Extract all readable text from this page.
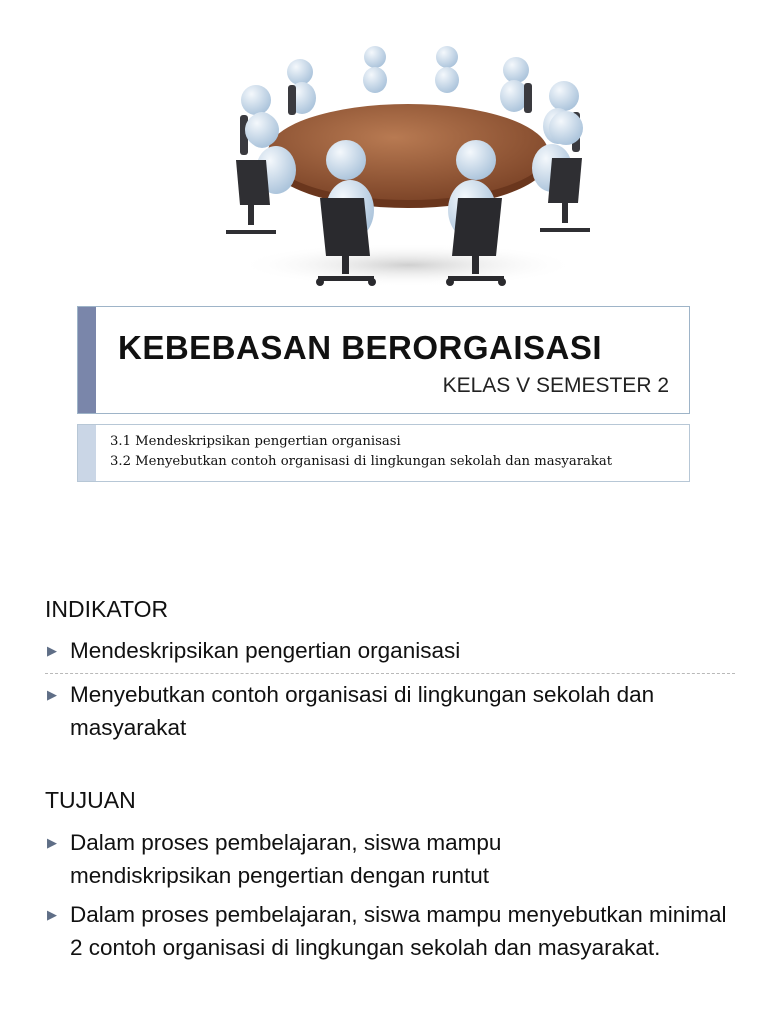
KEBEBASAN BERORGAISASI
KELAS V SEMESTER 2
3.1 Mendeskripsikan pengertian organisasi
3.2 Menyebutkan contoh organisasi di lingkungan sekolah dan masyarakat
INDIKATOR
▶ Mendeskripsikan pengertian organisasi
▶ Menyebutkan contoh organisasi di lingkungan sekolah dan masyarakat
TUJUAN
▶ Dalam proses pembelajaran, siswa mampu mendiskripsikan pengertian dengan runtut
▶ Dalam proses pembelajaran, siswa mampu menyebutkan minimal 2 contoh organisasi di lingkungan sekolah dan masyarakat.
